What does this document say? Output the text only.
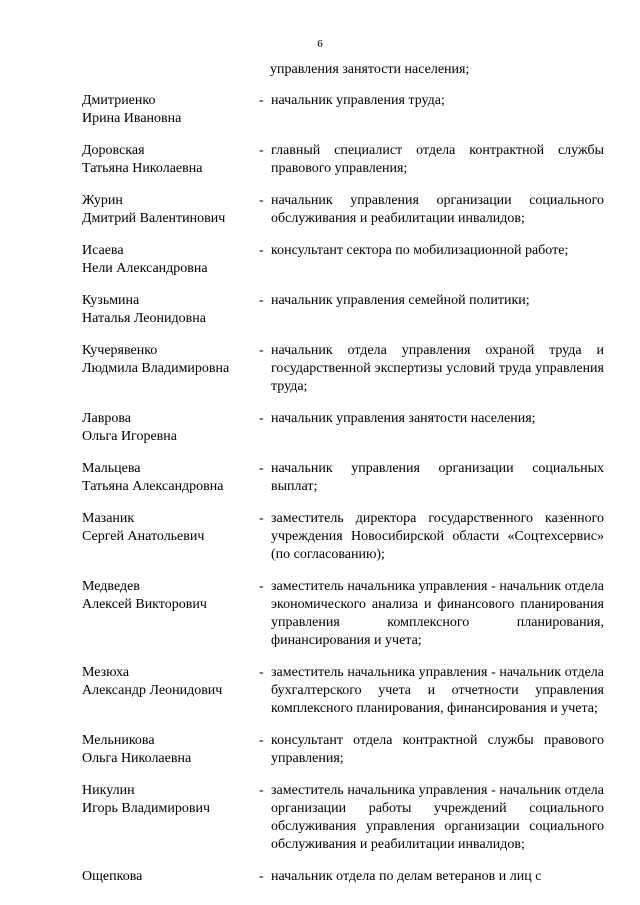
6
управления занятости населения;
Дмитриенко
Ирина Ивановна
- начальник управления труда;
Доровская
Татьяна Николаевна
- главный специалист отдела контрактной службы правового управления;
Журин
Дмитрий Валентинович
- начальник управления организации социального обслуживания и реабилитации инвалидов;
Исаева
Нели Александровна
- консультант сектора по мобилизационной работе;
Кузьмина
Наталья Леонидовна
- начальник управления семейной политики;
Кучерявенко
Людмила Владимировна
- начальник отдела управления охраной труда и государственной экспертизы условий труда управления труда;
Лаврова
Ольга Игоревна
- начальник управления занятости населения;
Мальцева
Татьяна Александровна
- начальник управления организации социальных выплат;
Мазаник
Сергей Анатольевич
- заместитель директора государственного казенного учреждения Новосибирской области «Соцтехсервис» (по согласованию);
Медведев
Алексей Викторович
- заместитель начальника управления - начальник отдела экономического анализа и финансового планирования управления комплексного планирования, финансирования и учета;
Мезюха
Александр Леонидович
- заместитель начальника управления - начальник отдела бухгалтерского учета и отчетности управления комплексного планирования, финансирования и учета;
Мельникова
Ольга Николаевна
- консультант отдела контрактной службы правового управления;
Никулин
Игорь Владимирович
- заместитель начальника управления - начальник отдела организации работы учреждений социального обслуживания управления организации социального обслуживания и реабилитации инвалидов;
Ощепкова	- начальник отдела по делам ветеранов и лиц с
